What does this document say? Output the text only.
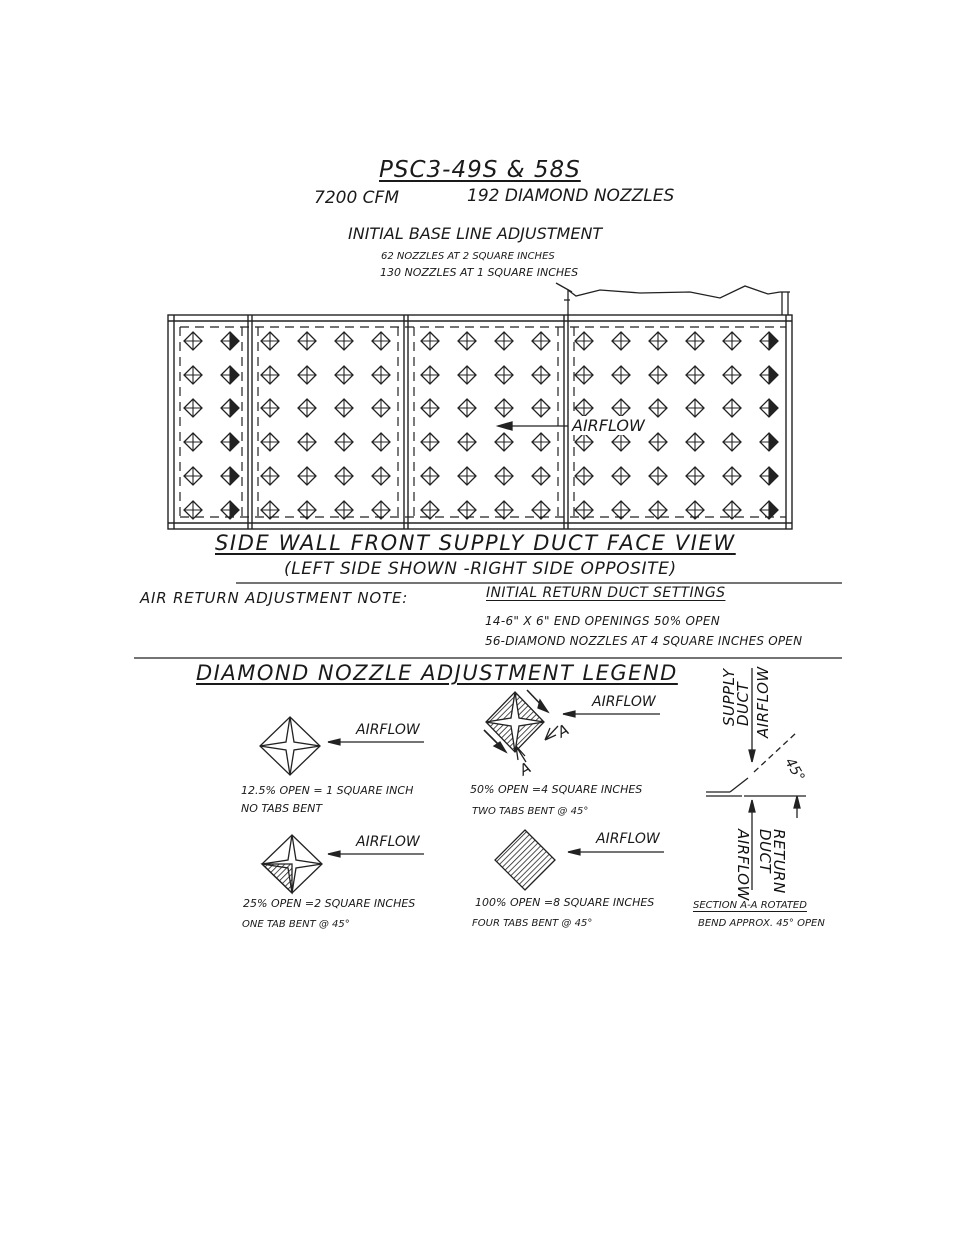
PSC3-49S & 58S
7200 CFM	192 DIAMOND NOZZLES
INITIAL BASE LINE ADJUSTMENT
62 NOZZLES AT 2 SQUARE INCHES
130 NOZZLES AT 1 SQUARE INCHES
AIRFLOW
SIDE WALL FRONT SUPPLY DUCT FACE VIEW
(LEFT SIDE SHOWN -RIGHT SIDE OPPOSITE)
AIR RETURN ADJUSTMENT NOTE:	INITIAL RETURN DUCT SETTINGS
14-6" X 6" END OPENINGS 50% OPEN
56-DIAMOND NOZZLES AT 4 SQUARE INCHES OPEN
DIAMOND NOZZLE ADJUSTMENT LEGEND
AIRFLOW
AIRFLOW
AIRFLOW	AIRFLOW
A
A
12.5% OPEN = 1 SQUARE INCH
NO TABS BENT
50% OPEN =4 SQUARE INCHES
TWO TABS BENT @ 45°
25% OPEN =2 SQUARE INCHES
ONE TAB BENT @ 45°
100% OPEN =8 SQUARE INCHES
FOUR TABS BENT @ 45°
SUPPLY DUCT AIRFLOW
45°
RETURN DUCT
AIRFLOW
SECTION A-A ROTATED
BEND APPROX. 45° OPEN
